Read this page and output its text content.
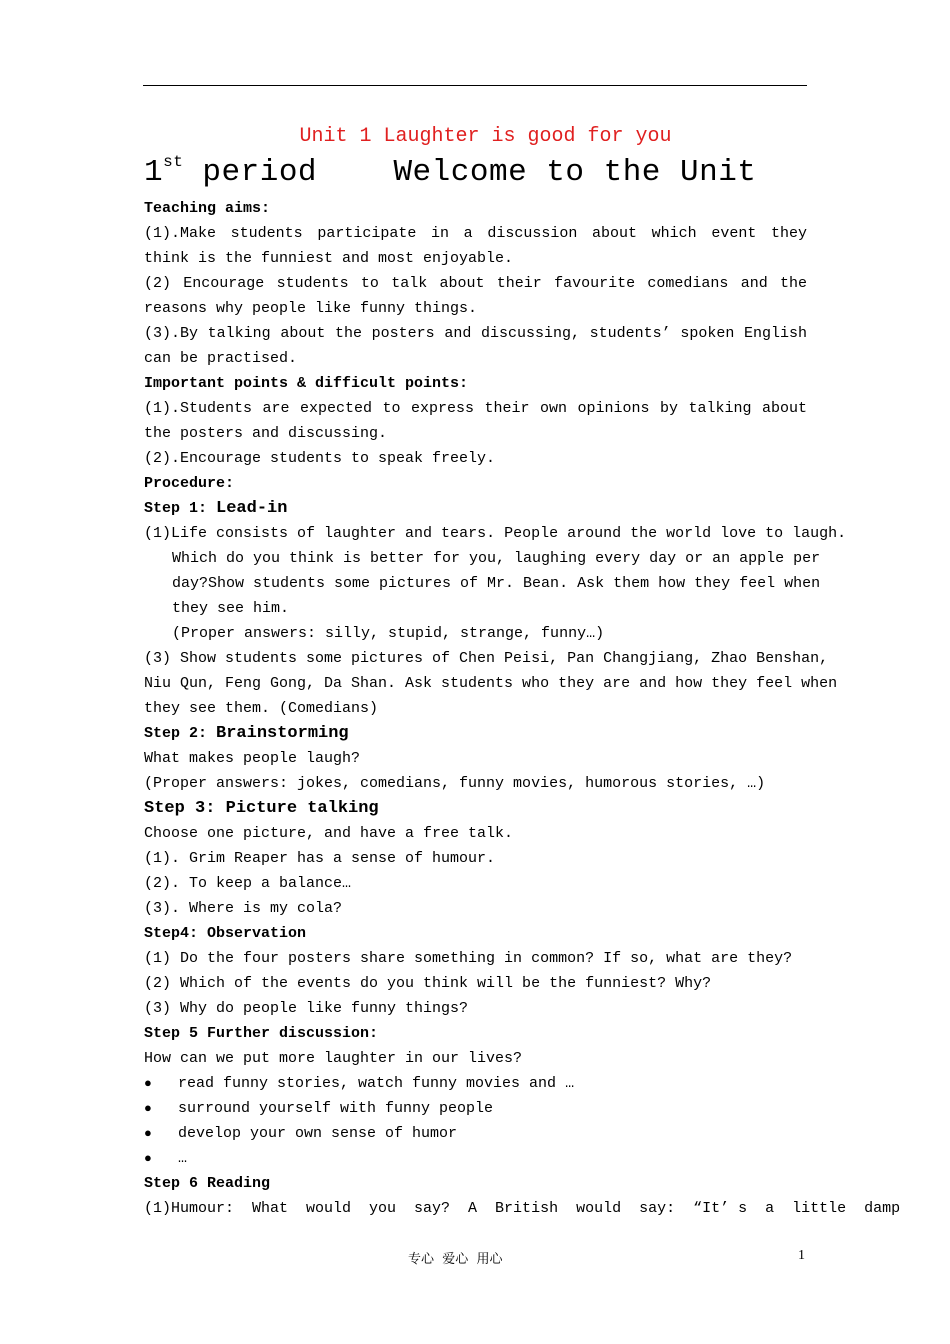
Unit 1 Laughter is good for you
1st period    Welcome to the Unit
Teaching aims:
(1).Make students participate in a discussion about which event they think is the funniest and most enjoyable.
(2) Encourage students to talk about their favourite comedians and the reasons why people like funny things.
(3).By talking about the posters and discussing, students’ spoken English can be practised.
Important points & difficult points:
(1).Students are expected to express their own opinions by talking about the posters and discussing.
(2).Encourage students to speak freely.
Procedure:
Step 1: Lead-in
(1)Life consists of laughter and tears. People around the world love to laugh.
Which do you think is better for you, laughing every day or an apple per
day?Show students some pictures of Mr. Bean. Ask them how they feel when
they see him.
(Proper answers: silly, stupid, strange, funny…)
(3) Show students some pictures of Chen Peisi, Pan Changjiang, Zhao Benshan,
Niu Qun, Feng Gong, Da Shan. Ask students who they are and how they feel when
they see them. (Comedians)
Step 2: Brainstorming
What makes people laugh?
(Proper answers: jokes, comedians, funny movies, humorous stories, …)
Step 3: Picture talking
Choose one picture, and have a free talk.
(1). Grim Reaper has a sense of humour.
(2). To keep a balance…
(3). Where is my cola?
Step4: Observation
(1) Do the four posters share something in common? If so, what are they?
(2) Which of the events do you think will be the funniest? Why?
(3) Why do people like funny things?
Step 5 Further discussion:
How can we put more laughter in our lives?
●	read funny stories, watch funny movies and …
●	surround yourself with funny people
●	develop your own sense of humor
●	…
Step 6 Reading
(1)Humour:  What  would  you  say?  A  British  would  say:  “It’ s  a  little  damp
专心  爱心  用心	1
